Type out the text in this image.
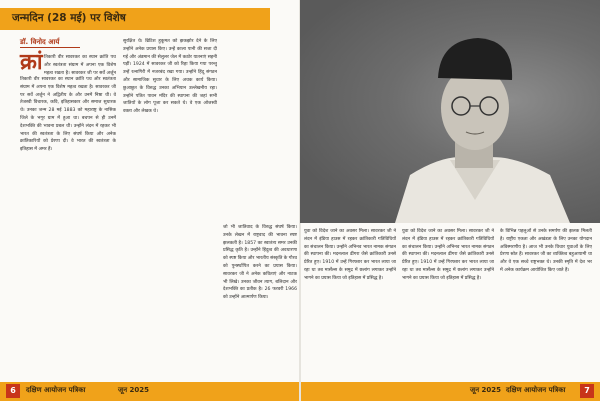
जन्मदिन (28 मई) पर विशेष
डॉ. विनोद आर्य
क्रां तिकारी वीर सावरकर का स्थान क्रांति पथ और स्वतंत्रता संग्राम में अपना एक विशेष महत्व रखता है। सावरकर जी पर सर्वे अर्जुन

तिकारी वीर सावरकर का स्थान क्रांति पथ और स्वतंत्रता संग्राम में अपना एक विशेष महत्व रखता है। सावरकर जी पर सर्वे अर्जुन ने अद्वितीय के और उनमें निष्ठा थी। वे तेजस्वी विचारक, कवि, इतिहासकार और समाज सुधारक थे। उनका जन्म 28 मई 1883 को महाराष्ट्र के नासिक जिले के भगूर ग्राम में हुआ था। बचपन से ही उनमें देशभक्ति की भावना प्रबल थी। उन्होंने लंदन में रहकर भी भारत की स्वतंत्रता के लिए संघर्ष किया और अनेक क्रांतिकारियों को प्रेरणा दी। वे भारत की स्वतंत्रता के इतिहास में अमर हैं।

सुरक्षित थे। ब्रिटिश हुकूमत को झकझोर देने के लिए उन्होंने अनेक प्रयास किए। उन्हें काला पानी की सजा दी गई और अंडमान की सेलुलर जेल में कठोर यातनाएं सहनी पड़ीं। 1924 में सावरकर जी को रिहा किया गया परन्तु उन्हें रत्नागिरी में नजरबंद रखा गया। उन्होंने हिंदू संगठन और सामाजिक सुधार के लिए अथक कार्य किया। छुआछूत के विरुद्ध उनका अभियान उल्लेखनीय रहा। उन्होंने पतित पावन मंदिर की स्थापना की जहां सभी जातियों के लोग पूजा कर सकते थे। वे एक ओजस्वी वक्ता और लेखक थे।

जो भी जातिवाद के विरुद्ध संघर्ष किया। उनके लेखन में राष्ट्रवाद की भावना स्पष्ट झलकती है। 1857 का स्वातंत्र्य समर उनकी प्रसिद्ध कृति है। उन्होंने हिंदुत्व की अवधारणा को स्पष्ट किया और भारतीय संस्कृति के गौरव को पुनर्स्थापित करने का प्रयास किया। सावरकर जी ने अनेक कविताएं और नाटक भी लिखे। उनका जीवन त्याग, बलिदान और देशभक्ति का प्रतीक है। 26 फरवरी 1966 को उन्होंने आत्मार्पण किया।

युवा को विदेश जाने का अवसर मिला। सावरकर जी ने लंदन में इंडिया हाउस में रहकर क्रांतिकारी गतिविधियों का संचालन किया। उन्होंने अभिनव भारत नामक संगठन की स्थापना की। मदनलाल ढींगरा जैसे क्रांतिकारी उनसे प्रेरित हुए। 1910 में उन्हें गिरफ्तार कर भारत लाया जा रहा था तब मार्सेल्स के समुद्र में छलांग लगाकर उन्होंने भागने का प्रयास किया जो इतिहास में प्रसिद्ध है।

युवा को विदेश जाने का अवसर मिला। सावरकर जी ने लंदन में इंडिया हाउस में रहकर क्रांतिकारी गतिविधियों का संचालन किया। उन्होंने अभिनव भारत नामक संगठन की स्थापना की। मदनलाल ढींगरा जैसे क्रांतिकारी उनसे प्रेरित हुए। 1910 में उन्हें गिरफ्तार कर भारत लाया जा रहा था तब मार्सेल्स के समुद्र में छलांग लगाकर उन्होंने भागने का प्रयास किया जो इतिहास में प्रसिद्ध है।

के विभिन्न पहलुओं से उनके समर्पण की झलक मिलती है। राष्ट्रीय एकता और अखंडता के लिए उनका योगदान अविस्मरणीय है। आज भी उनके विचार युवाओं के लिए प्रेरणा स्रोत हैं। सावरकर जी का व्यक्तित्व बहुआयामी था और वे एक सच्चे राष्ट्रभक्त थे। उनकी स्मृति में देश भर में अनेक कार्यक्रम आयोजित किए जाते हैं।

6	दक्षिण आयोजन पत्रिका	जून 2025	जून 2025 दक्षिण आयोजन पत्रिका	7
